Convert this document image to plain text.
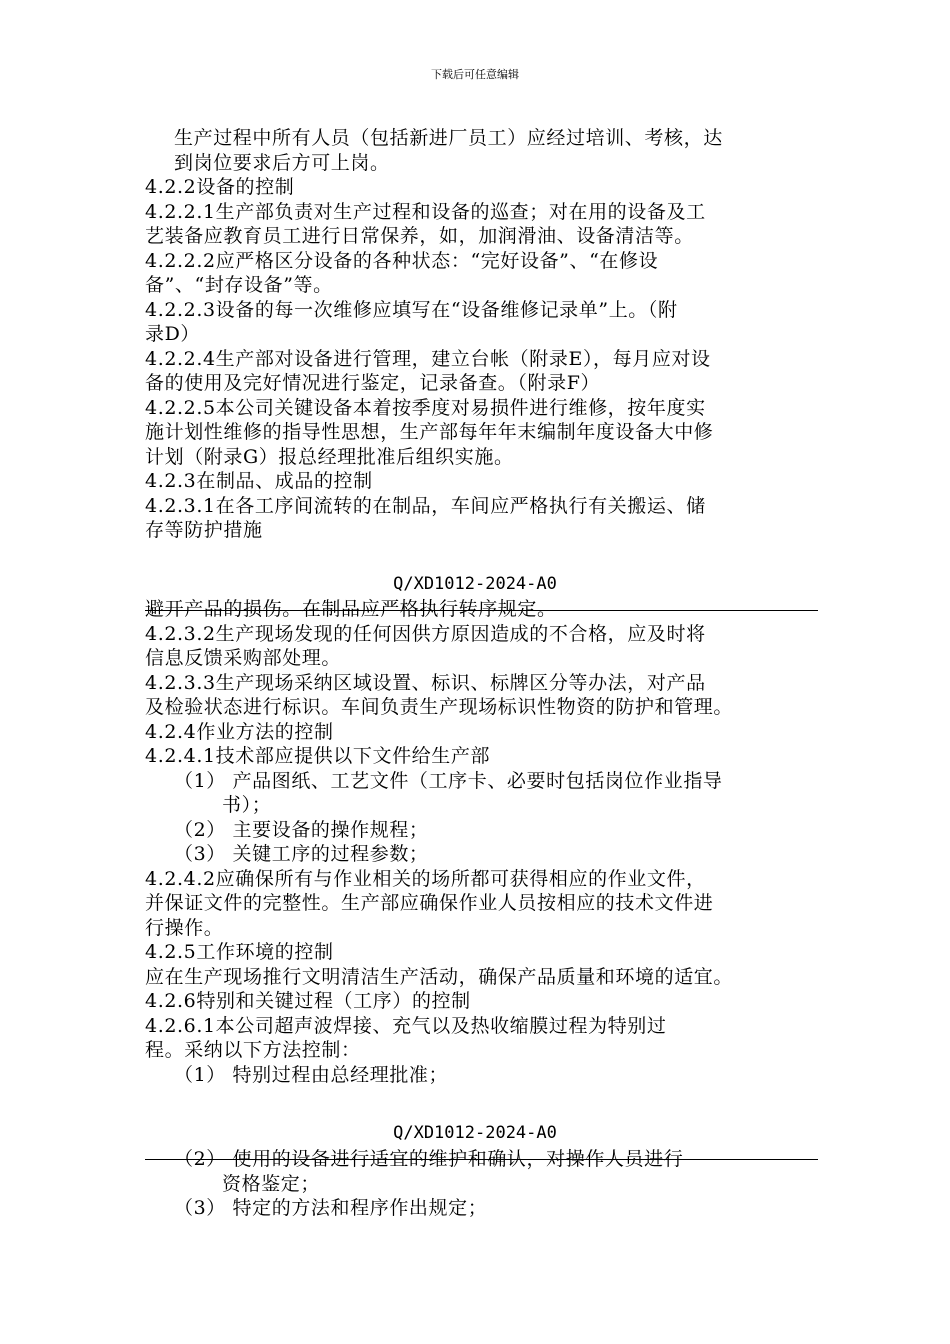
下载后可任意编辑
生产过程中所有人员（包括新进厂员工）应经过培训、考核，达
到岗位要求后方可上岗。
4.2.2设备的控制
4.2.2.1生产部负责对生产过程和设备的巡查；对在用的设备及工
艺装备应教育员工进行日常保养，如，加润滑油、设备清洁等。
4.2.2.2应严格区分设备的各种状态：“完好设备”、“在修设
备”、“封存设备”等。
4.2.2.3设备的每一次维修应填写在“设备维修记录单”上。（附
录D）
4.2.2.4生产部对设备进行管理，建立台帐（附录E），每月应对设
备的使用及完好情况进行鉴定，记录备查。（附录F）
4.2.2.5本公司关键设备本着按季度对易损件进行维修，按年度实
施计划性维修的指导性思想，生产部每年年末编制年度设备大中修
计划（附录G）报总经理批准后组织实施。
4.2.3在制品、成品的控制
4.2.3.1在各工序间流转的在制品，车间应严格执行有关搬运、储
存等防护措施
Q/XD1012-2024-A0
避开产品的损伤。在制品应严格执行转序规定。
4.2.3.2生产现场发现的任何因供方原因造成的不合格，应及时将
信息反馈采购部处理。
4.2.3.3生产现场采纳区域设置、标识、标牌区分等办法，对产品
及检验状态进行标识。车间负责生产现场标识性物资的防护和管理。
4.2.4作业方法的控制
4.2.4.1技术部应提供以下文件给生产部
（1） 产品图纸、工艺文件（工序卡、必要时包括岗位作业指导
书）；
（2） 主要设备的操作规程；
（3） 关键工序的过程参数；
4.2.4.2应确保所有与作业相关的场所都可获得相应的作业文件，
并保证文件的完整性。生产部应确保作业人员按相应的技术文件进
行操作。
4.2.5工作环境的控制
应在生产现场推行文明清洁生产活动，确保产品质量和环境的适宜。
4.2.6特别和关键过程（工序）的控制
4.2.6.1本公司超声波焊接、充气以及热收缩膜过程为特别过
程。采纳以下方法控制：
（1） 特别过程由总经理批准；
Q/XD1012-2024-A0
（2） 使用的设备进行适宜的维护和确认，对操作人员进行
资格鉴定；
（3） 特定的方法和程序作出规定；
